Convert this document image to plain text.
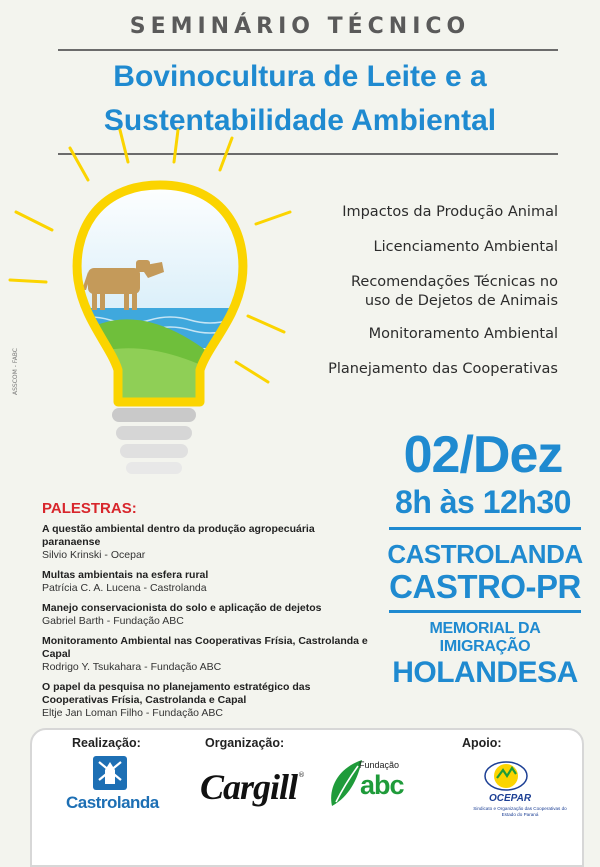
SEMINÁRIO TÉCNICO
Bovinocultura de Leite e a
Sustentabilidade Ambiental
ASSCOM - FABC
Impactos da Produção Animal
Licenciamento Ambiental
Recomendações Técnicas no
uso de Dejetos de Animais
Monitoramento Ambiental
Planejamento das Cooperativas
02/Dez
8h às 12h30
CASTROLANDA
CASTRO-PR
MEMORIAL DA IMIGRAÇÃO
HOLANDESA
PALESTRAS:
A questão ambiental dentro da produção agropecuária paranaense
Silvio Krinski - Ocepar
Multas ambientais na esfera rural
Patrícia C. A. Lucena - Castrolanda
Manejo conservacionista do solo e aplicação de dejetos
Gabriel Barth - Fundação ABC
Monitoramento Ambiental nas Cooperativas Frísia, Castrolanda e Capal
Rodrigo Y. Tsukahara - Fundação ABC
O papel da pesquisa no planejamento estratégico das
Cooperativas Frísia, Castrolanda e Capal
Eltje Jan Loman Filho - Fundação ABC
Realização:	Organização:	Apoio:
Castrolanda Cargill ®
Fundação
abc	OCEPAR
Sindicato e Organização das Cooperativas do Estado do Paraná
